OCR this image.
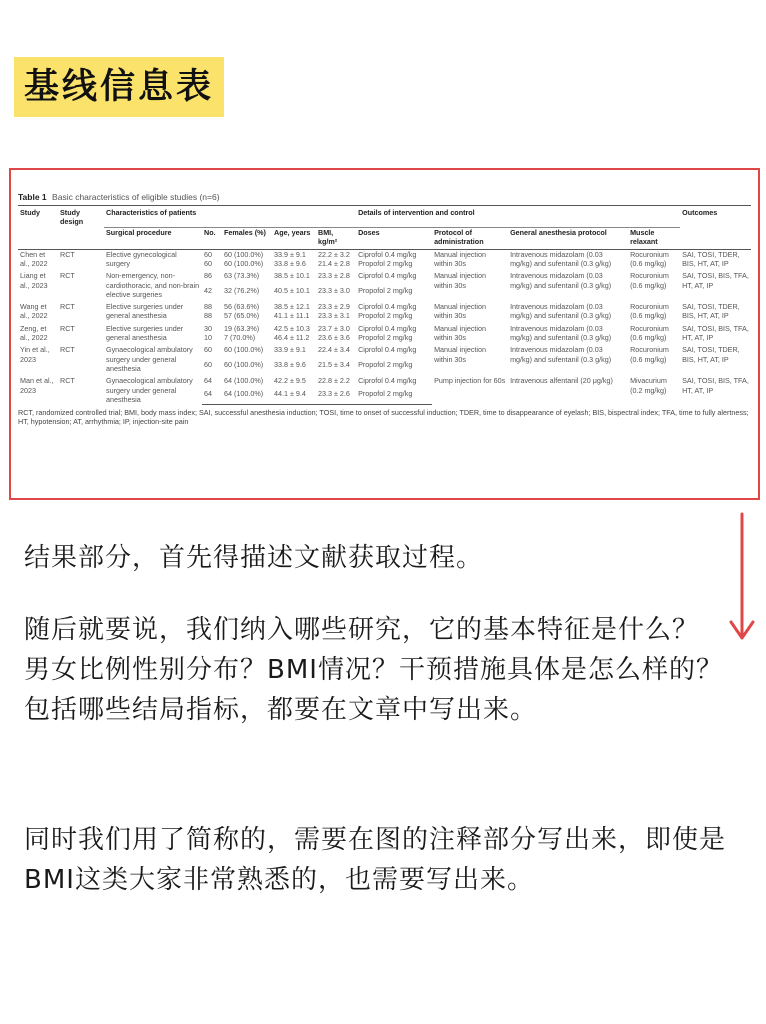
基线信息表
Table 1 Basic characteristics of eligible studies (n=6)
Study	Study design	Characteristics of patients					Details of intervention and control				Outcomes
		Surgical procedure	No.	Females (%)	Age, years	BMI, kg/m²	Doses	Protocol of administration	General anesthesia protocol	Muscle relaxant	
Chen et al., 2022	RCT	Elective gynecological surgery	60	60 (100.0%)	33.9 ± 9.1	22.2 ± 3.2	Ciprofol 0.4 mg/kg	Manual injection within 30s	Intravenous midazolam (0.03 mg/kg) and sufentanil (0.3 g/kg)	Rocuronium (0.6 mg/kg)	SAI, TOSI, TDER, BIS, HT, AT, IP
			60	60 (100.0%)	33.8 ± 9.6	21.4 ± 2.8	Propofol 2 mg/kg				
Liang et al., 2023	RCT	Non-emergency, non-cardiothoracic, and non-brain elective surgeries	86	63 (73.3%)	38.5 ± 10.1	23.3 ± 2.8	Ciprofol 0.4 mg/kg	Manual injection within 30s	Intravenous midazolam (0.03 mg/kg) and sufentanil (0.3 g/kg)	Rocuronium (0.6 mg/kg)	SAI, TOSI, BIS, TFA, HT, AT, IP
			42	32 (76.2%)	40.5 ± 10.1	23.3 ± 3.0	Propofol 2 mg/kg				
Wang et al., 2022	RCT	Elective surgeries under general anesthesia	88	56 (63.6%)	38.5 ± 12.1	23.3 ± 2.9	Ciprofol 0.4 mg/kg	Manual injection within 30s	Intravenous midazolam (0.03 mg/kg) and sufentanil (0.3 g/kg)	Rocuronium (0.6 mg/kg)	SAI, TOSI, TDER, BIS, HT, AT, IP
			88	57 (65.0%)	41.1 ± 11.1	23.3 ± 3.1	Propofol 2 mg/kg				
Zeng, et al., 2022	RCT	Elective surgeries under general anesthesia	30	19 (63.3%)	42.5 ± 10.3	23.7 ± 3.0	Ciprofol 0.4 mg/kg	Manual injection within 30s	Intravenous midazolam (0.03 mg/kg) and sufentanil (0.3 g/kg)	Rocuronium (0.6 mg/kg)	SAI, TOSI, BIS, TFA, HT, AT, IP
			10	7 (70.0%)	46.4 ± 11.2	23.6 ± 3.6	Propofol 2 mg/kg				
Yin et al., 2023	RCT	Gynaecological ambulatory surgery under general anesthesia	60	60 (100.0%)	33.9 ± 9.1	22.4 ± 3.4	Ciprofol 0.4 mg/kg	Manual injection within 30s	Intravenous midazolam (0.03 mg/kg) and sufentanil (0.3 g/kg)	Rocuronium (0.6 mg/kg)	SAI, TOSI, TDER, BIS, HT, AT, IP
			60	60 (100.0%)	33.8 ± 9.6	21.5 ± 3.4	Propofol 2 mg/kg				
Man et al., 2023	RCT	Gynaecological ambulatory surgery under general anesthesia	64	64 (100.0%)	42.2 ± 9.5	22.8 ± 2.2	Ciprofol 0.4 mg/kg	Pump injection for 60s	Intravenous alfentanil (20 μg/kg)	Mivacurium (0.2 mg/kg)	SAI, TOSI, BIS, TFA, HT, AT, IP
			64	64 (100.0%)	44.1 ± 9.4	23.3 ± 2.6	Propofol 2 mg/kg				
RCT, randomized controlled trial; BMI, body mass index; SAI, successful anesthesia induction; TOSI, time to onset of successful induction; TDER, time to disappearance of eyelash; BIS, bispectral index; TFA, time to fully alertness; HT, hypotension; AT, arrhythmia; IP, injection-site pain
结果部分，首先得描述文献获取过程。
随后就要说，我们纳入哪些研究，它的基本特征是什么？男女比例性别分布？BMI情况？干预措施具体是怎么样的？包括哪些结局指标，都要在文章中写出来。
同时我们用了简称的，需要在图的注释部分写出来，即使是BMI这类大家非常熟悉的，也需要写出来。
